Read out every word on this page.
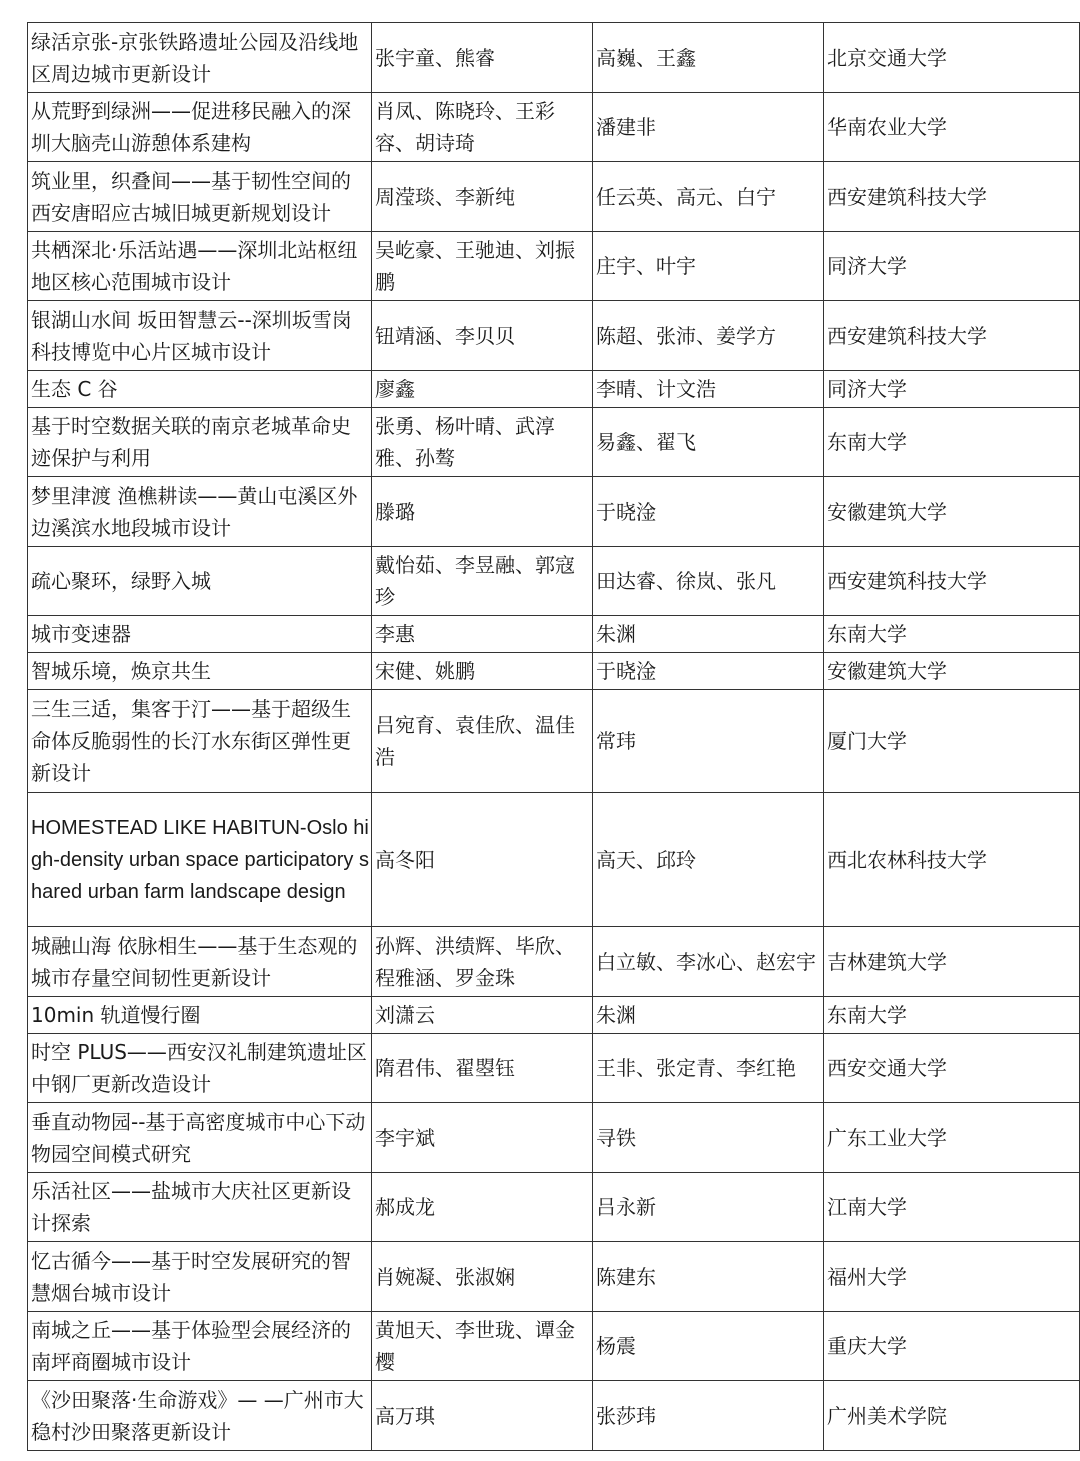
绿活京张-京张铁路遗址公园及沿线地区周边城市更新设计	张宇童、熊睿	高巍、王鑫	北京交通大学
从荒野到绿洲——促进移民融入的深圳大脑壳山游憩体系建构	肖凤、陈晓玲、王彩容、胡诗琦	潘建非	华南农业大学
筑业里，织叠间——基于韧性空间的西安唐昭应古城旧城更新规划设计	周滢琰、李新纯	任云英、高元、白宁	西安建筑科技大学
共栖深北·乐活站遇——深圳北站枢纽地区核心范围城市设计	吴屹豪、王驰迪、刘振鹏	庄宇、叶宇	同济大学
银湖山水间 坂田智慧云--深圳坂雪岗科技博览中心片区城市设计	钮靖涵、李贝贝	陈超、张沛、姜学方	西安建筑科技大学
生态 C 谷	廖鑫	李晴、计文浩	同济大学
基于时空数据关联的南京老城革命史迹保护与利用	张勇、杨叶晴、武淳雅、孙骜	易鑫、翟飞	东南大学
梦里津渡 渔樵耕读——黄山屯溪区外边溪滨水地段城市设计	滕璐	于晓淦	安徽建筑大学
疏心聚环，绿野入城	戴怡茹、李昱融、郭寇珍	田达睿、徐岚、张凡	西安建筑科技大学
城市变速器	李惠	朱渊	东南大学
智城乐境，焕京共生	宋健、姚鹏	于晓淦	安徽建筑大学
三生三适，集客于汀——基于超级生命体反脆弱性的长汀水东街区弹性更新设计	吕宛育、袁佳欣、温佳浩	常玮	厦门大学
HOMESTEAD LIKE HABITUN-Oslo high-density urban space participatory shared urban farm landscape design	高冬阳	高天、邱玲	西北农林科技大学
城融山海 依脉相生——基于生态观的城市存量空间韧性更新设计	孙辉、洪绩辉、毕欣、程雅涵、罗金珠	白立敏、李冰心、赵宏宇	吉林建筑大学
10min 轨道慢行圈	刘潇云	朱渊	东南大学
时空 PLUS——西安汉礼制建筑遗址区中钢厂更新改造设计	隋君伟、翟曌钰	王非、张定青、李红艳	西安交通大学
垂直动物园--基于高密度城市中心下动物园空间模式研究	李宇斌	寻铁	广东工业大学
乐活社区——盐城市大庆社区更新设计探索	郝成龙	吕永新	江南大学
忆古循今——基于时空发展研究的智慧烟台城市设计	肖婉凝、张淑娴	陈建东	福州大学
南城之丘——基于体验型会展经济的南坪商圈城市设计	黄旭天、李世珑、谭金樱	杨震	重庆大学
《沙田聚落·生命游戏》— —广州市大稳村沙田聚落更新设计	高万琪	张莎玮	广州美术学院
